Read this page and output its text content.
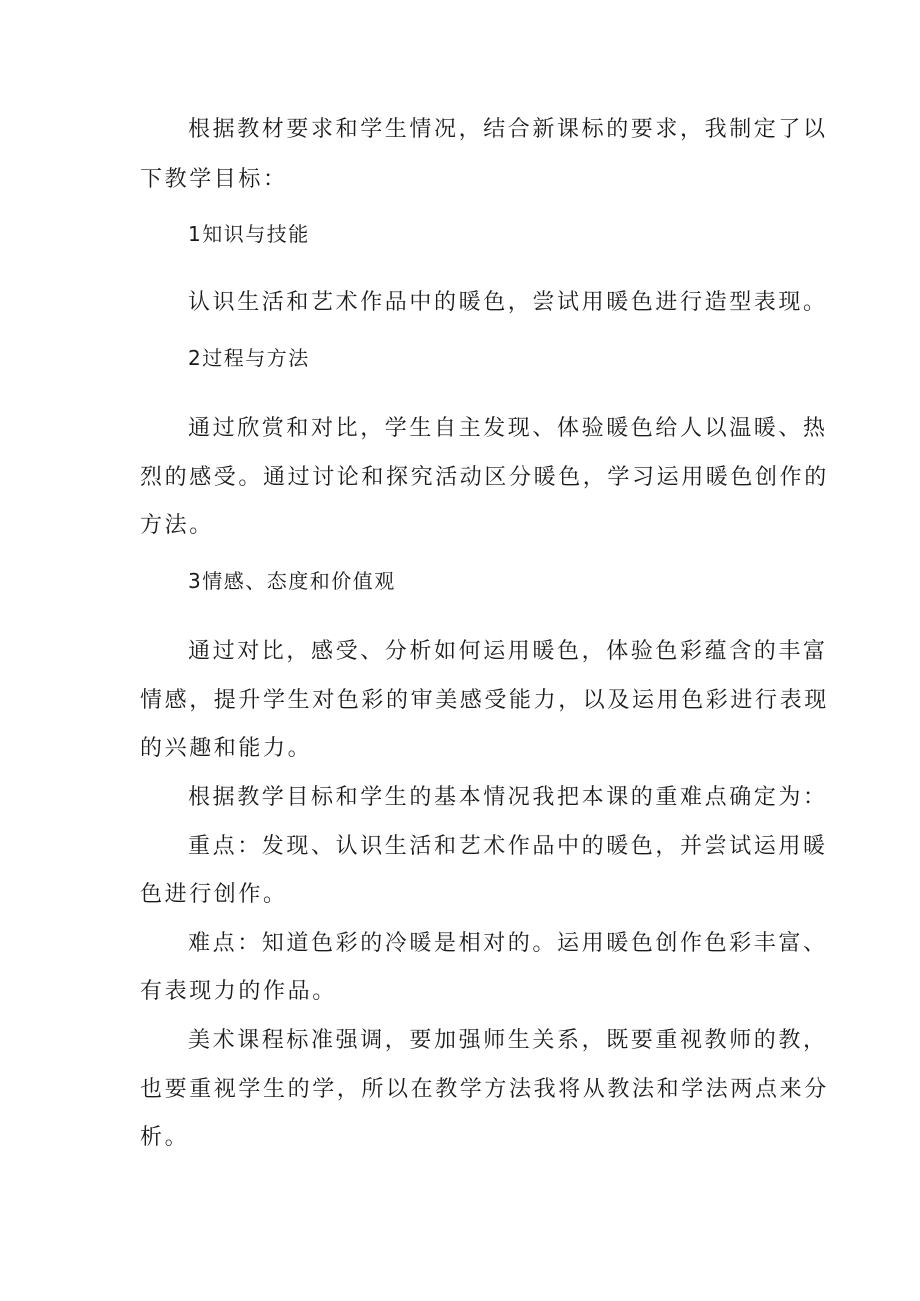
根据教材要求和学生情况，结合新课标的要求，我制定了以
下教学目标：
1知识与技能
认识生活和艺术作品中的暖色，尝试用暖色进行造型表现。
2过程与方法
通过欣赏和对比，学生自主发现、体验暖色给人以温暖、热
烈的感受。通过讨论和探究活动区分暖色，学习运用暖色创作的
方法。
3情感、态度和价值观
通过对比，感受、分析如何运用暖色，体验色彩蕴含的丰富
情感，提升学生对色彩的审美感受能力，以及运用色彩进行表现
的兴趣和能力。
根据教学目标和学生的基本情况我把本课的重难点确定为：
重点：发现、认识生活和艺术作品中的暖色，并尝试运用暖
色进行创作。
难点：知道色彩的冷暖是相对的。运用暖色创作色彩丰富、
有表现力的作品。
美术课程标准强调，要加强师生关系，既要重视教师的教，
也要重视学生的学，所以在教学方法我将从教法和学法两点来分
析。
